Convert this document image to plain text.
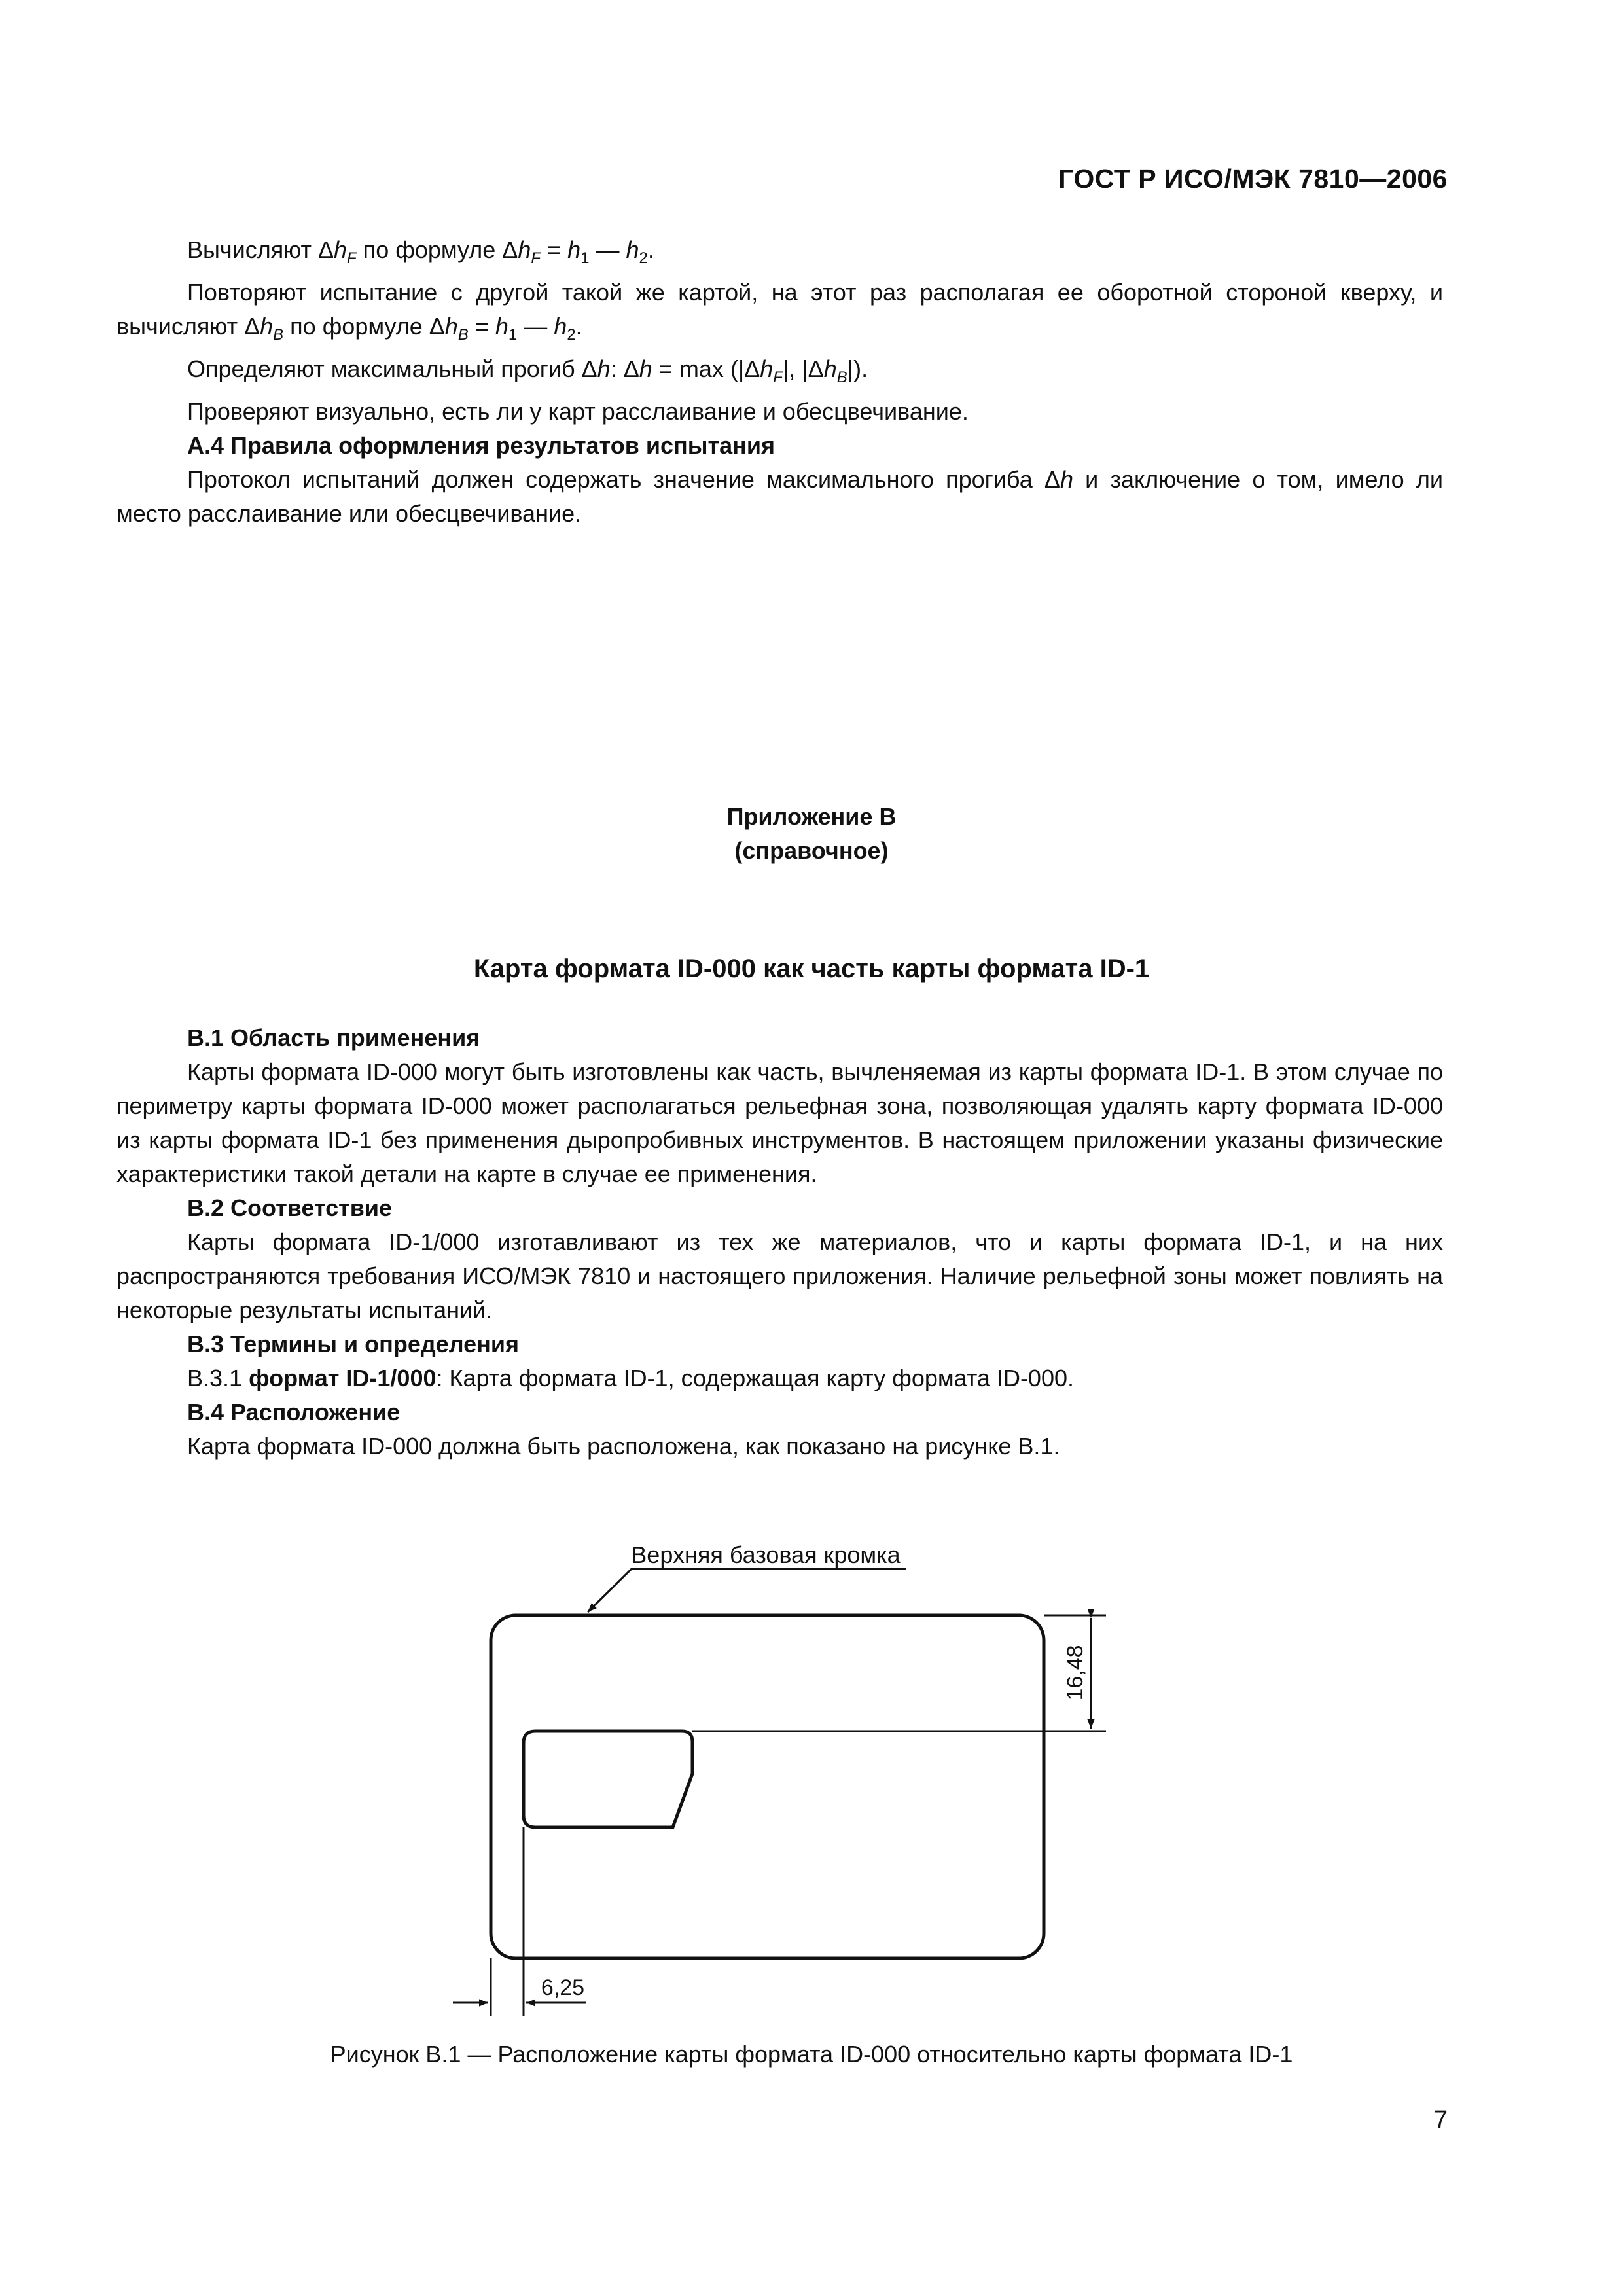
ГОСТ Р ИСО/МЭК 7810—2006

Вычисляют $\Delta h_F$ по формуле $\Delta h_F = h_1$ — $h_2$.

Повторяют испытание с другой такой же картой, на этот раз располагая ее оборотной стороной кверху, и вычисляют $\Delta h_B$ по формуле $\Delta h_B = h_1$ — $h_2$.

Определяют максимальный прогиб Δh: $\Delta h = \max (|\Delta h_F|$, $|\Delta h_B|$).

Проверяют визуально, есть ли у карт расслаивание и обесцвечивание.

А.4 Правила оформления результатов испытания

Протокол испытаний должен содержать значение максимального прогиба Δh и заключение о том, имело ли место расслаивание или обесцвечивание.

Приложение В
(справочное)
Карта формата ID-000 как часть карты формата ID-1

В.1 Область применения

Карты формата ID-000 могут быть изготовлены как часть, вычленяемая из карты формата ID-1. В этом случае по периметру карты формата ID-000 может располагаться рельефная зона, позволяющая удалять карту формата ID-000 из карты формата ID-1 без применения дыропробивных инструментов. В настоящем приложении указаны физические характеристики такой детали на карте в случае ее применения.

В.2 Соответствие

Карты формата ID-1/000 изготавливают из тех же материалов, что и карты формата ID-1, и на них распространяются требования ИСО/МЭК 7810 и настоящего приложения. Наличие рельефной зоны может повлиять на некоторые результаты испытаний.

В.3 Термины и определения

В.3.1 формат ID-1/000: Карта формата ID-1, содержащая карту формата ID-000.

В.4 Расположение

Карта формата ID-000 должна быть расположена, как показано на рисунке В.1.

Верхняя базовая кромка
16,48
6,25
Рисунок В.1 — Расположение карты формата ID-000 относительно карты формата ID-1
7
